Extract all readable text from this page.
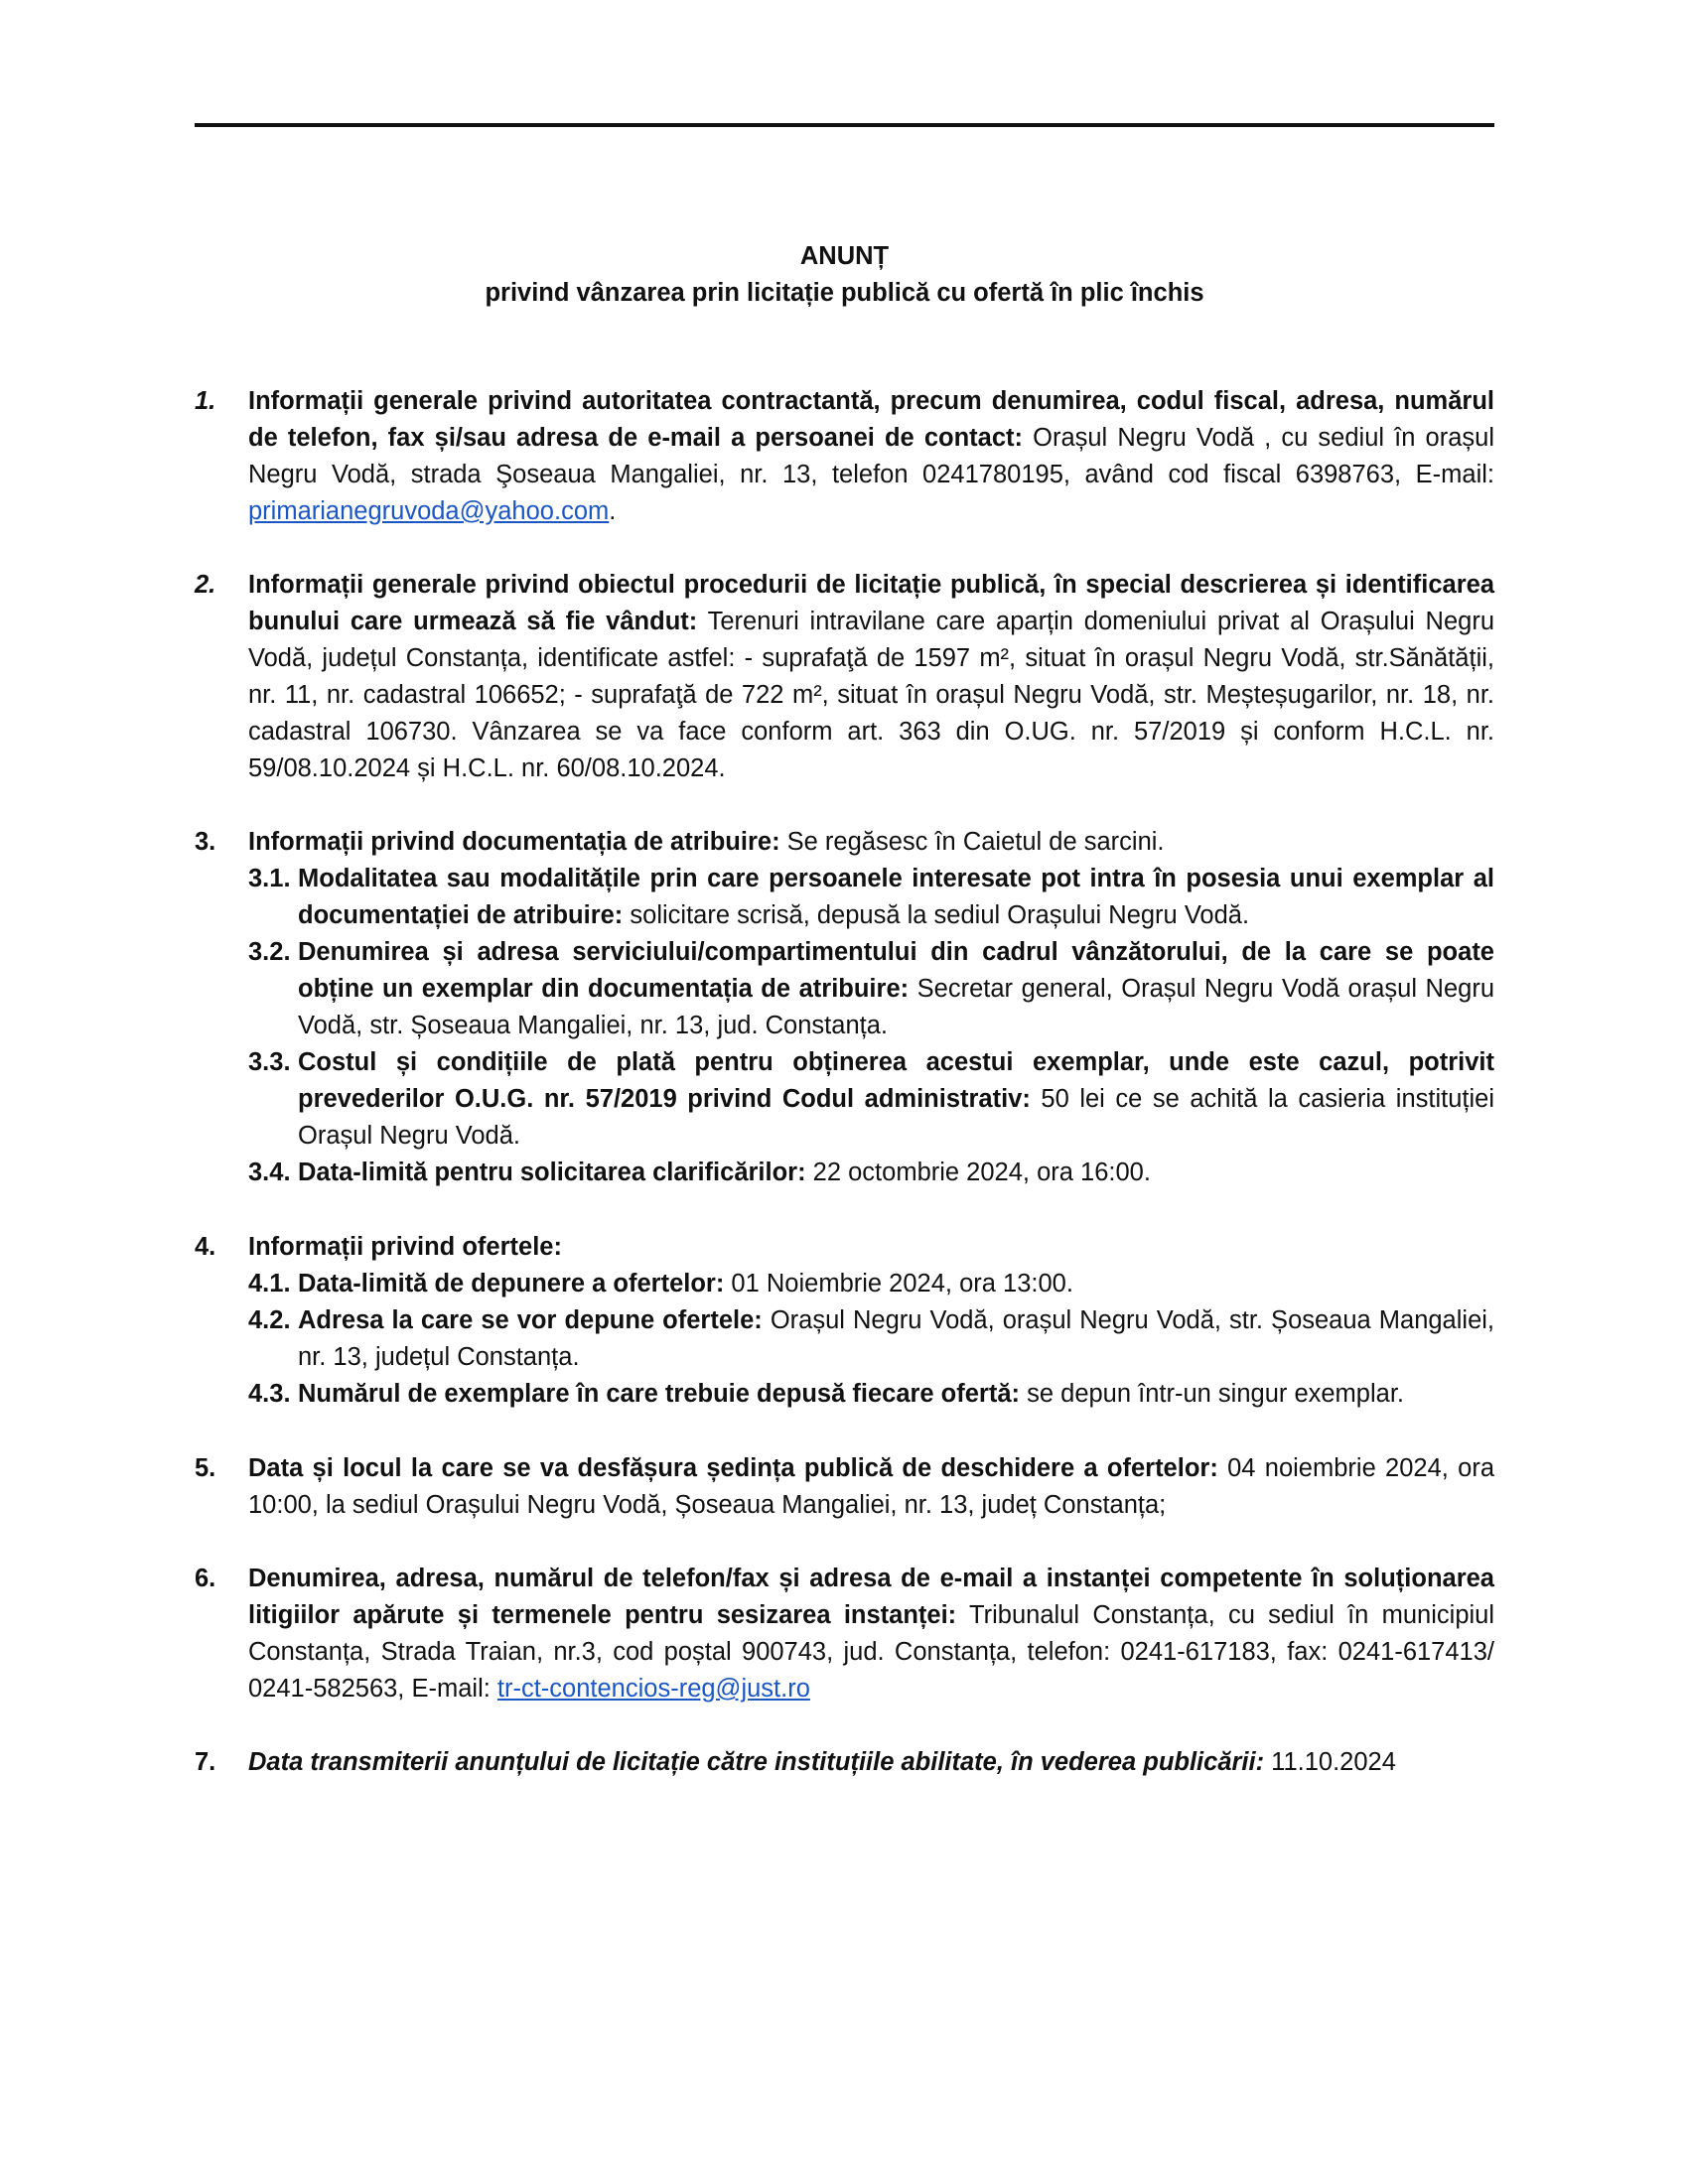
ANUNȚ
privind vânzarea prin licitație publică cu ofertă în plic închis
1. Informații generale privind autoritatea contractantă, precum denumirea, codul fiscal, adresa, numărul de telefon, fax și/sau adresa de e-mail a persoanei de contact: Orașul Negru Vodă , cu sediul în orașul Negru Vodă, strada Şoseaua Mangaliei, nr. 13, telefon 0241780195, având cod fiscal 6398763, E-mail: primarianegruvoda@yahoo.com.
2. Informații generale privind obiectul procedurii de licitație publică, în special descrierea și identificarea bunului care urmează să fie vândut: Terenuri intravilane care aparțin domeniului privat al Orașului Negru Vodă, județul Constanța, identificate astfel: - suprafaţă de 1597 m², situat în orașul Negru Vodă, str.Sănătății, nr. 11, nr. cadastral 106652; - suprafaţă de 722 m², situat în orașul Negru Vodă, str. Meșteșugarilor, nr. 18, nr. cadastral 106730. Vânzarea se va face conform art. 363 din O.UG. nr. 57/2019 și conform H.C.L. nr. 59/08.10.2024 și H.C.L. nr. 60/08.10.2024.
3. Informații privind documentația de atribuire: Se regăsesc în Caietul de sarcini.
3.1. Modalitatea sau modalitățile prin care persoanele interesate pot intra în posesia unui exemplar al documentației de atribuire: solicitare scrisă, depusă la sediul Orașului Negru Vodă.
3.2. Denumirea și adresa serviciului/compartimentului din cadrul vânzătorului, de la care se poate obține un exemplar din documentația de atribuire: Secretar general, Orașul Negru Vodă orașul Negru Vodă, str. Șoseaua Mangaliei, nr. 13, jud. Constanța.
3.3. Costul și condițiile de plată pentru obținerea acestui exemplar, unde este cazul, potrivit prevederilor O.U.G. nr. 57/2019 privind Codul administrativ: 50 lei ce se achită la casieria instituției Orașul Negru Vodă.
3.4. Data-limită pentru solicitarea clarificărilor: 22 octombrie 2024, ora 16:00.
4. Informații privind ofertele:
4.1. Data-limită de depunere a ofertelor: 01 Noiembrie 2024, ora 13:00.
4.2. Adresa la care se vor depune ofertele: Orașul Negru Vodă, orașul Negru Vodă, str. Șoseaua Mangaliei, nr. 13, județul Constanța.
4.3. Numărul de exemplare în care trebuie depusă fiecare ofertă: se depun într-un singur exemplar.
5. Data și locul la care se va desfășura ședința publică de deschidere a ofertelor: 04 noiembrie 2024, ora 10:00, la sediul Orașului Negru Vodă, Șoseaua Mangaliei, nr. 13, județ Constanța;
6. Denumirea, adresa, numărul de telefon/fax și adresa de e-mail a instanței competente în soluționarea litigiilor apărute și termenele pentru sesizarea instanței: Tribunalul Constanța, cu sediul în municipiul Constanța, Strada Traian, nr.3, cod poștal 900743, jud. Constanța, telefon: 0241-617183, fax: 0241-617413/ 0241-582563, E-mail: tr-ct-contencios-reg@just.ro
7. Data transmiterii anunțului de licitație către instituțiile abilitate, în vederea publicării: 11.10.2024
